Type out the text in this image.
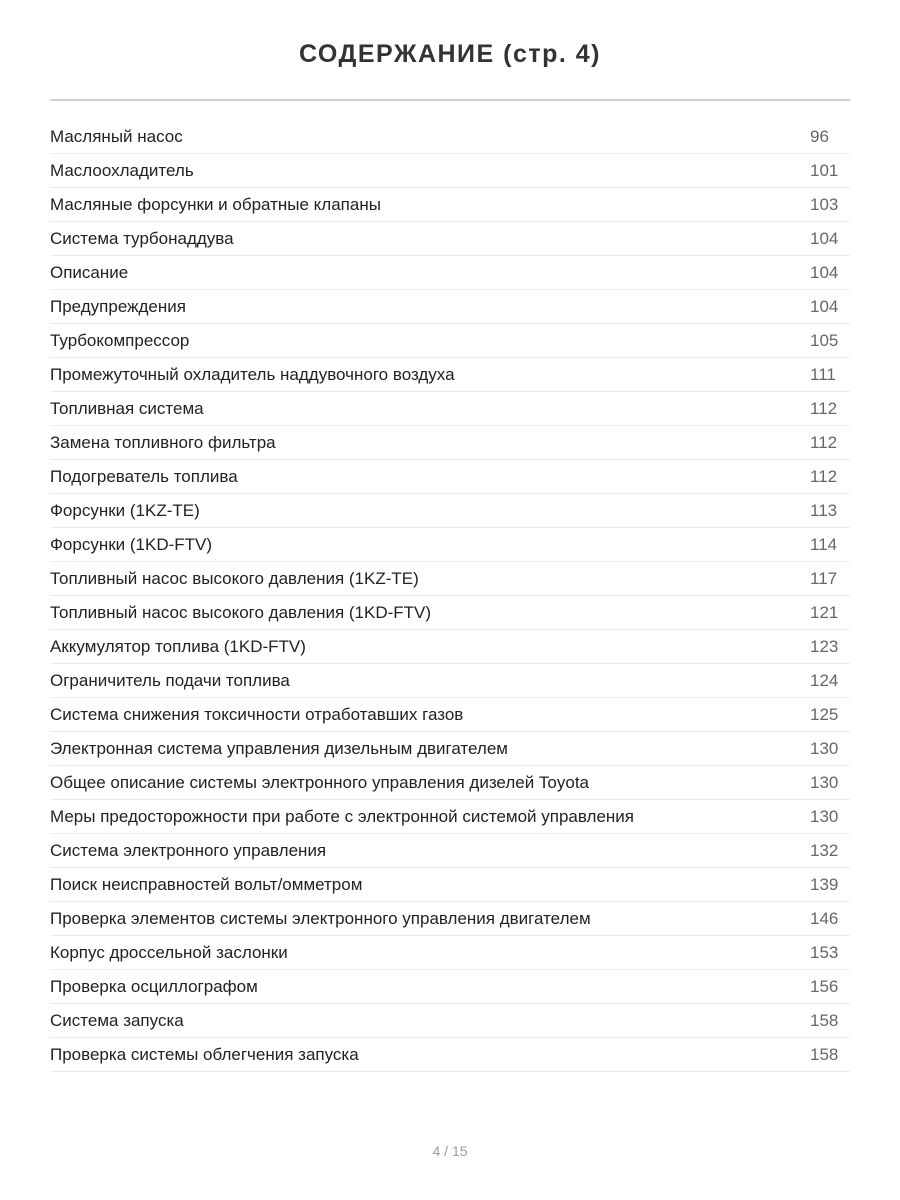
СОДЕРЖАНИЕ (стр. 4)
Масляный насос	96
Маслоохладитель	101
Масляные форсунки и обратные клапаны	103
Система турбонаддува	104
Описание	104
Предупреждения	104
Турбокомпрессор	105
Промежуточный охладитель наддувочного воздуха	111
Топливная система	112
Замена топливного фильтра	112
Подогреватель топлива	112
Форсунки (1KZ-TE)	113
Форсунки (1KD-FTV)	114
Топливный насос высокого давления (1KZ-TE)	117
Топливный насос высокого давления (1KD-FTV)	121
Аккумулятор топлива (1KD-FTV)	123
Ограничитель подачи топлива	124
Система снижения токсичности отработавших газов	125
Электронная система управления дизельным двигателем	130
Общее описание системы электронного управления дизелей Toyota	130
Меры предосторожности при работе с электронной системой управления	130
Система электронного управления	132
Поиск неисправностей вольт/омметром	139
Проверка элементов системы электронного управления двигателем	146
Корпус дроссельной заслонки	153
Проверка осциллографом	156
Система запуска	158
Проверка системы облегчения запуска	158
4 / 15
